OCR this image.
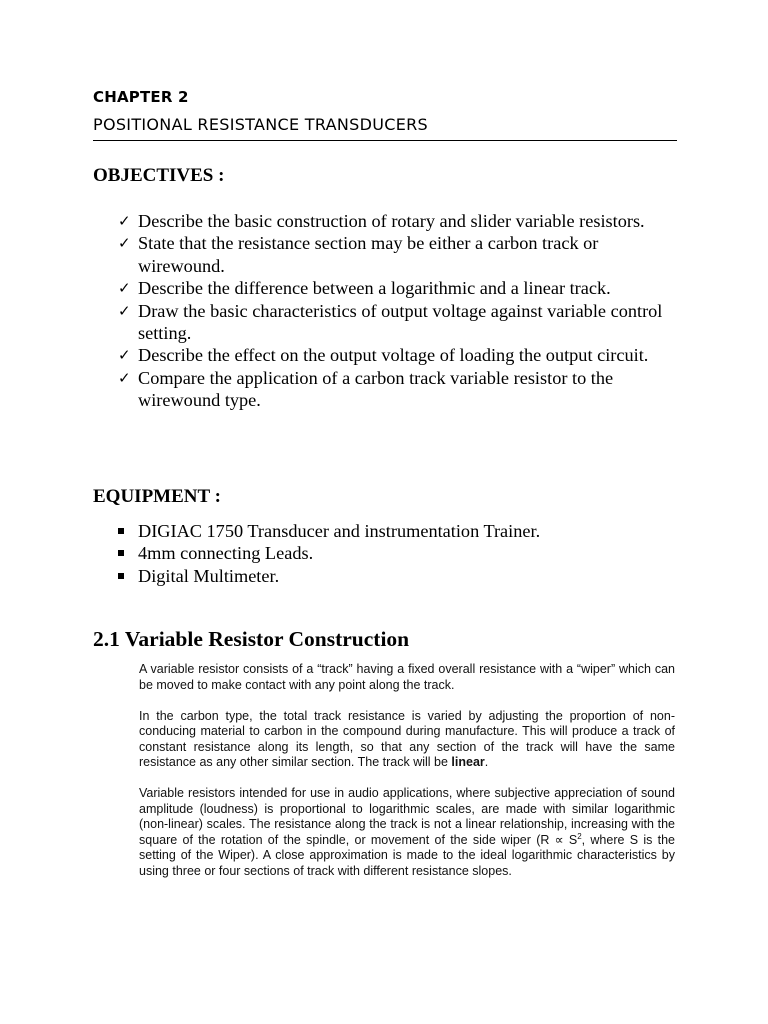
CHAPTER 2
POSITIONAL RESISTANCE TRANSDUCERS
OBJECTIVES :
✓ Describe the basic construction of rotary and slider variable resistors.
✓ State that the resistance section may be either a carbon track or wirewound.
✓ Describe the difference between a logarithmic and a linear track.
✓ Draw the basic characteristics of output voltage against variable control setting.
✓ Describe the effect on the output voltage of loading the output circuit.
✓ Compare the application of a carbon track variable resistor to the wirewound type.
EQUIPMENT :
DIGIAC 1750 Transducer and instrumentation Trainer.
4mm connecting Leads.
Digital Multimeter.
2.1 Variable Resistor Construction

A variable resistor consists of a “track” having a fixed overall resistance with a “wiper” which can be moved to make contact with any point along the track.

In the carbon type, the total track resistance is varied by adjusting the proportion of non-conducing material to carbon in the compound during manufacture. This will produce a track of constant resistance along its length, so that any section of the track will have the same resistance as any other similar section. The track will be linear.

Variable resistors intended for use in audio applications, where subjective appreciation of sound amplitude (loudness) is proportional to logarithmic scales, are made with similar logarithmic (non-linear) scales. The resistance along the track is not a linear relationship, increasing with the square of the rotation of the spindle, or movement of the side wiper ($R \propto S^2$, where S is the setting of the Wiper). A close approximation is made to the ideal logarithmic characteristics by using three or four sections of track with different resistance slopes.
